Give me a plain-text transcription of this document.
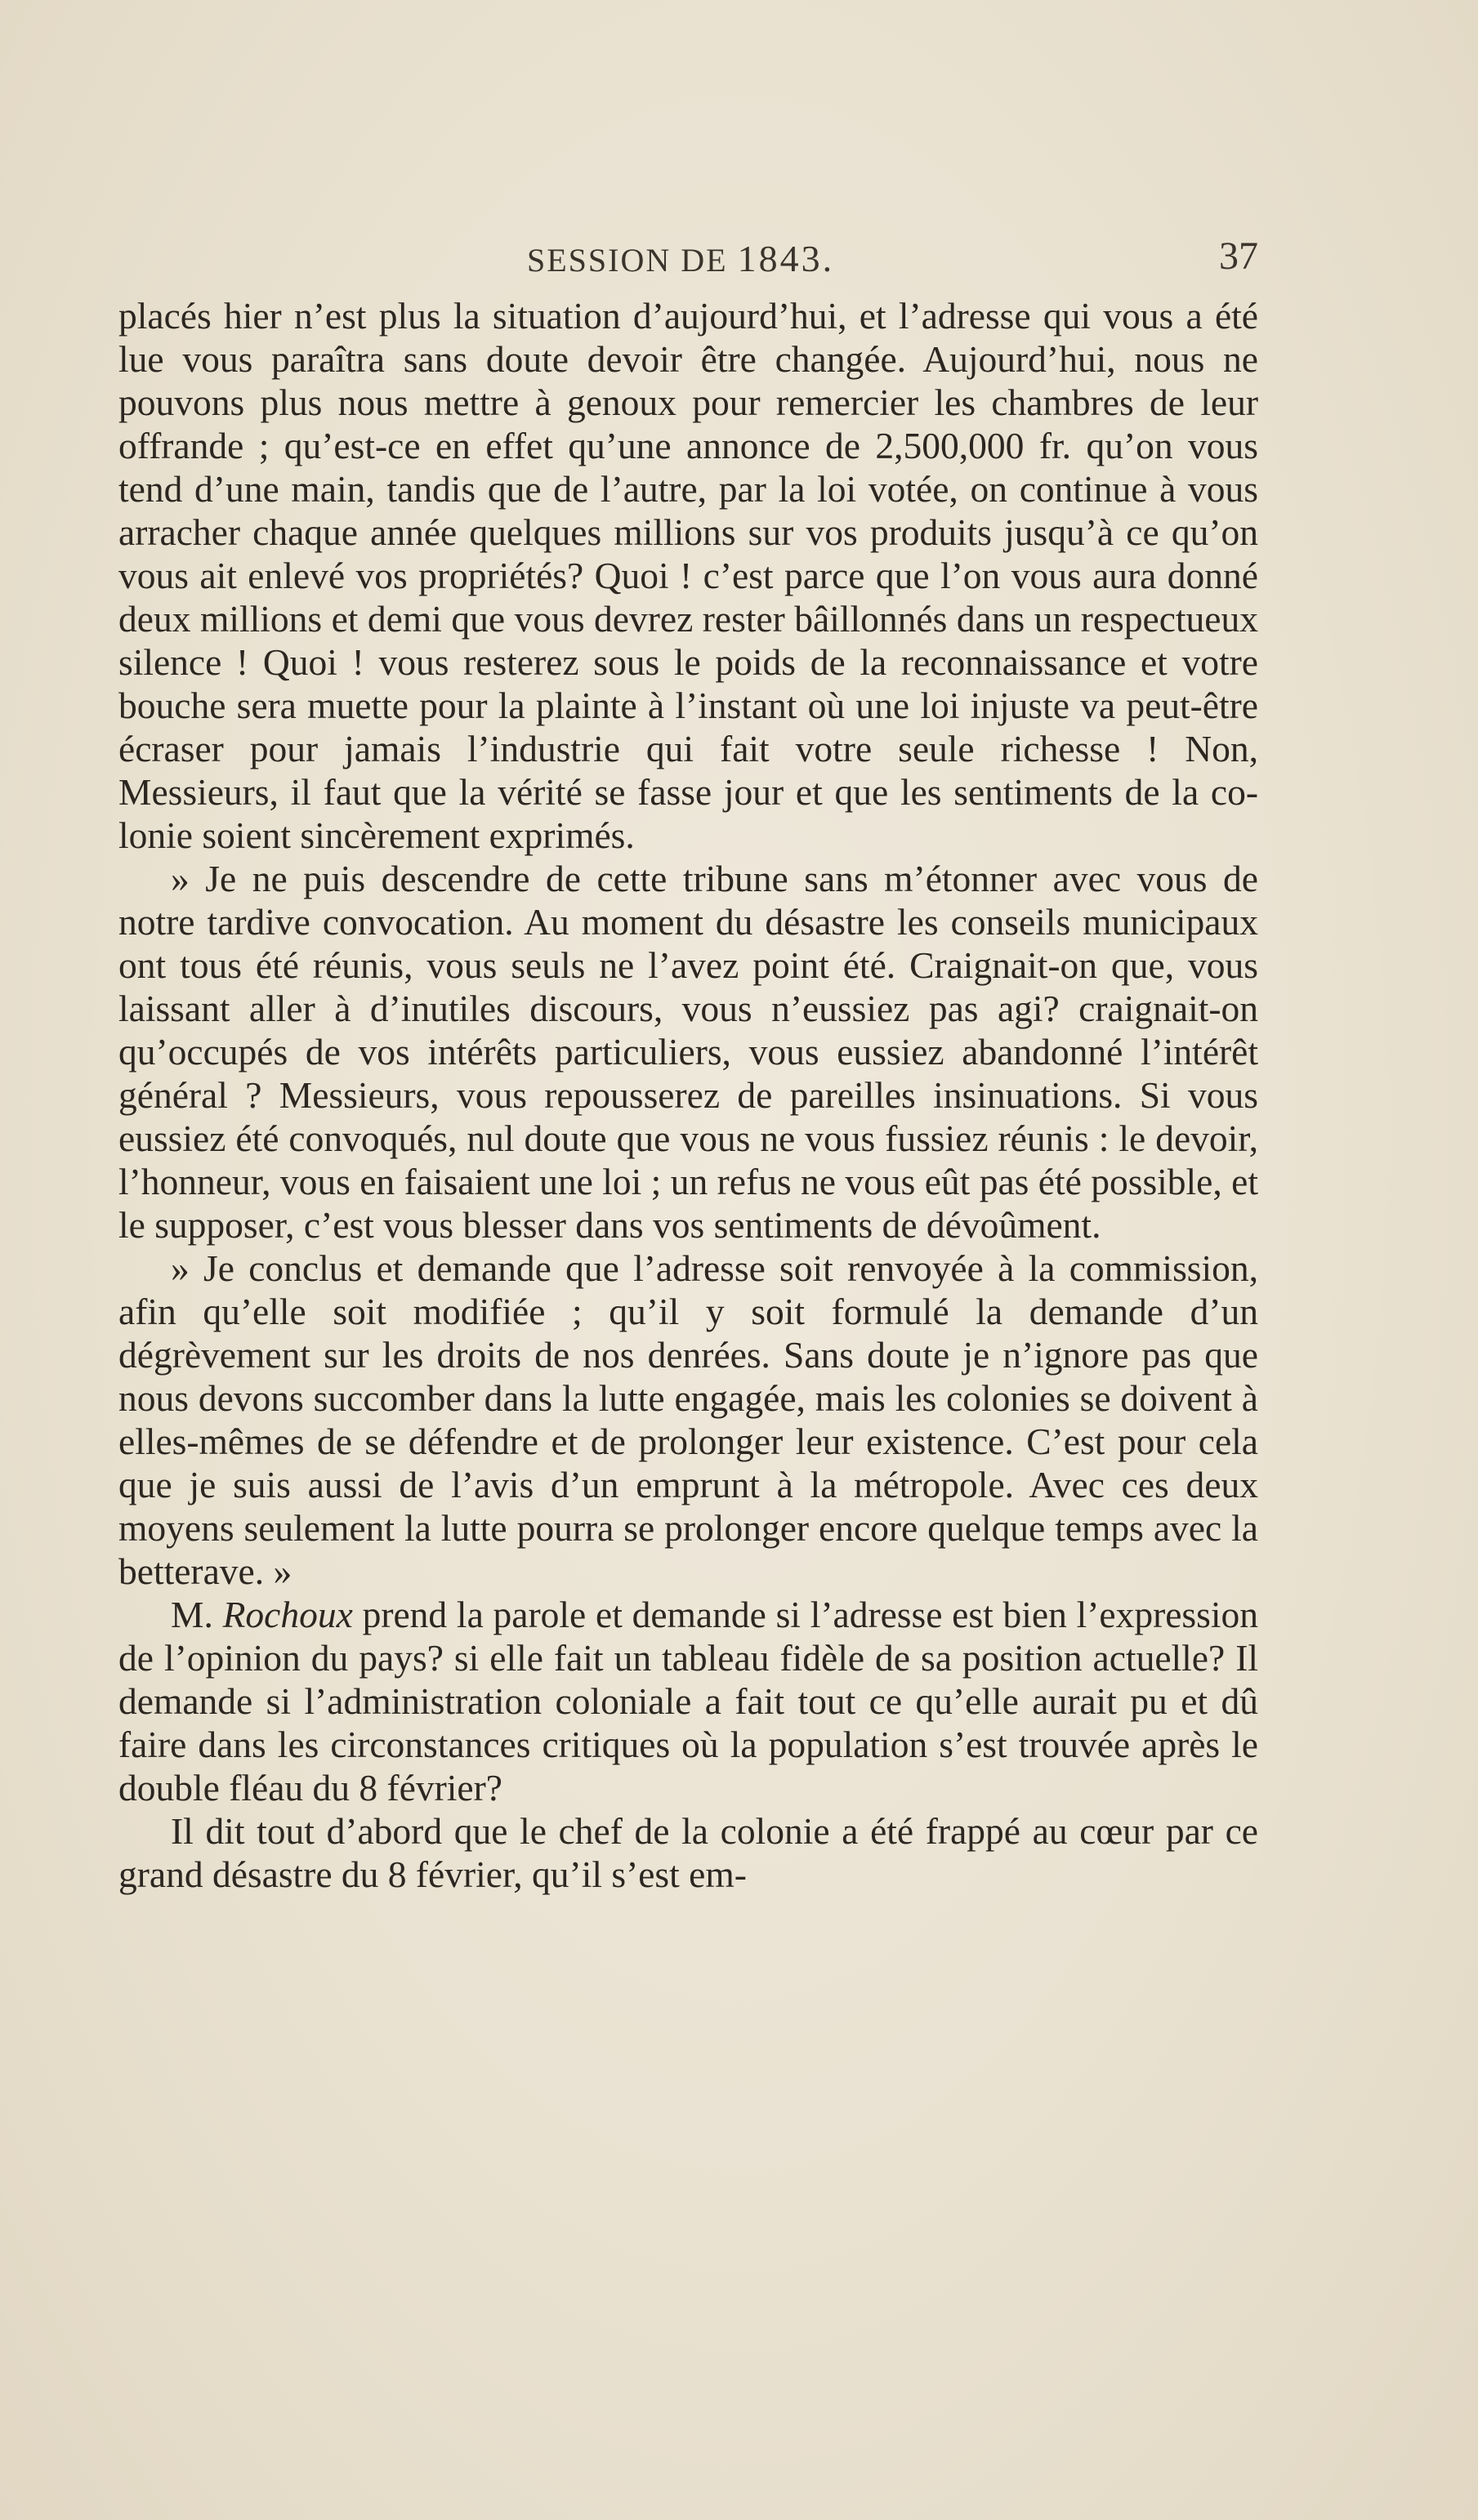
SESSION DE 1843.	37

placés hier n’est plus la situation d’aujourd’hui, et l’adresse qui vous a été lue vous paraîtra sans doute devoir être changée. Aujourd’hui, nous ne pouvons plus nous mettre à genoux pour remercier les chambres de leur offrande ; qu’est-ce en effet qu’une annonce de 2,500,000 fr. qu’on vous tend d’une main, tandis que de l’autre, par la loi votée, on continue à vous arracher chaque année quelques millions sur vos produits jusqu’à ce qu’on vous ait enlevé vos propriétés? Quoi ! c’est parce que l’on vous aura donné deux millions et demi que vous devrez rester bâillonnés dans un respectueux silence ! Quoi ! vous resterez sous le poids de la reconnaissance et votre bouche sera muette pour la plainte à l’instant où une loi injuste va peut-être écraser pour jamais l’industrie qui fait votre seule richesse ! Non, Messieurs, il faut que la vérité se fasse jour et que les sentiments de la colonie soient sincèrement exprimés.

» Je ne puis descendre de cette tribune sans m’étonner avec vous de notre tardive convocation. Au moment du désastre les conseils municipaux ont tous été réunis, vous seuls ne l’avez point été. Craignait-on que, vous laissant aller à d’inutiles discours, vous n’eussiez pas agi? craignait-on qu’occupés de vos intérêts particuliers, vous eussiez abandonné l’intérêt général ? Messieurs, vous repousserez de pareilles insinuations. Si vous eussiez été convoqués, nul doute que vous ne vous fussiez réunis : le devoir, l’honneur, vous en faisaient une loi ; un refus ne vous eût pas été possible, et le supposer, c’est vous blesser dans vos sentiments de dévoûment.

» Je conclus et demande que l’adresse soit renvoyée à la commission, afin qu’elle soit modifiée ; qu’il y soit formulé la demande d’un dégrèvement sur les droits de nos denrées. Sans doute je n’ignore pas que nous devons succomber dans la lutte engagée, mais les colonies se doivent à elles-mêmes de se défendre et de prolonger leur existence. C’est pour cela que je suis aussi de l’avis d’un emprunt à la métropole. Avec ces deux moyens seulement la lutte pourra se prolonger encore quelque temps avec la betterave. »

M. Rochoux prend la parole et demande si l’adresse est bien l’expression de l’opinion du pays? si elle fait un tableau fidèle de sa position actuelle? Il demande si l’administration coloniale a fait tout ce qu’elle aurait pu et dû faire dans les circonstances critiques où la population s’est trouvée après le double fléau du 8 février?

Il dit tout d’abord que le chef de la colonie a été frappé au cœur par ce grand désastre du 8 février, qu’il s’est em-
